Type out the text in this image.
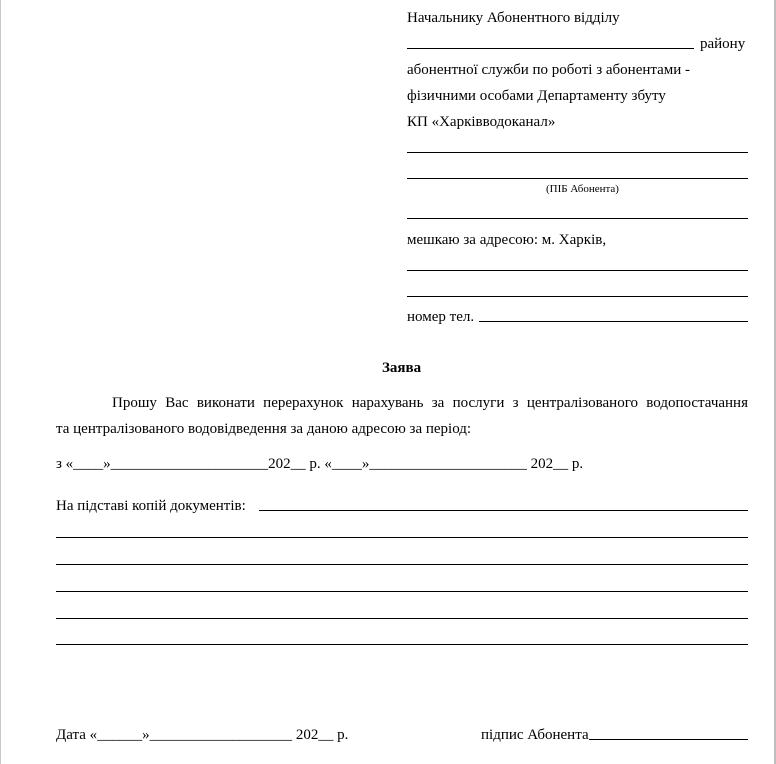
Начальнику Абонентного відділу
району
абонентної служби по роботі з абонентами -
фізичними особами Департаменту збуту
КП «Харківводоканал»
(ПІБ Абонента)
мешкаю за адресою: м. Харків,
номер тел.
Заява
Прошу Вас виконати перерахунок нарахувань за послуги з централізованого водопостачання
та централізованого водовідведення за даною адресою за період:
з «____»_____________________202__ р. «____»_____________________ 202__ р.
На підставі копій документів:
Дата «______»___________________ 202__ р.	підпис Абонента
